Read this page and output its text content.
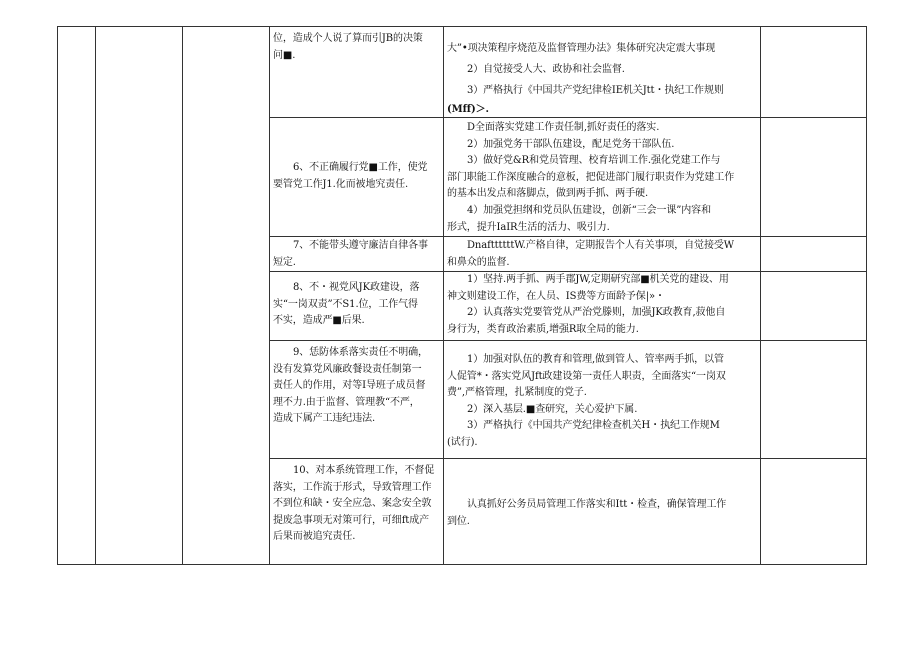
位，造成个人说了算而引JB的决策

问■.

大”•项决策程序烧范及监督管理办法》集体研究决定震大事现

2）自觉接受人大、政协和社会监督.

3）严格执行《中国共产党纪律检IE机关Jtt・执纪工作规则

(Mff)＞.

6、不正确履行党■工作，使党

要管党工作J1.化而被地究责任.

D全面落实党建工作责任制,抓好责任的落实.

2）加强党务干部队伍建设，配足党务干部队伍.

3）做好党&R和党员管理、校育培训工作.强化党建工作与

部门职能工作深度融合的意板，把促进部门履行职责作为党建工作

的基本出发点和落脚点，做到两手抓、两手硬.

4）加强党担纲和党员队伍建设，创新“三会一课”内容和

形式，提升IaIR生活的活力、吸引力.

7、不能带头遵守廉洁自律各事

短定.

DnafttttttW.产格自律，定期报告个人有关事项，自觉接受W

和鼻众的监督.

8、不・视党风JK政建设，落

实“一岗双责”不S1.位，工作气得

不实，造成严■后果.

1）坚持.两手抓、两手郡JW,定期研究部■机关党的建设、用

神文则建设工作，在人员、IS费等方面龄予保|»・

2）认真落实党要管党从严治党滕则，加强JK政教育,菽他自

身行为，类育政治素质,增强R取全局的能力.

9、恁防体系落实责任不明确，

没有发算党风廉政餐设责任制第一

责任人的作用，对等I导班子成员督

理不力.由于监督、管理教“不严，

造成下属产工违纪违法.

1）加强对队伍的教育和管理,做到管人、管率两手抓，以管

人促管*・落实党风Jft政建设第一责任人职责，全面落实“一岗双

费”,严格管理，扎紧制度的党子.

2）深入基层.■查研究，关心爱护下属.

3）严格执行《中国共产党纪律检查机关H・执纪工作规M

(试行).

10、对本系统管理工作，不督促

落实，工作流于形式，导致管理工作

不到位和缺・安全应急、案念安全敦

提废急事项无对策可行，可细ft成产

后果而被追究责任.

认真抓好公务员局管理工作落实和Itt・检查，确保管理工作

到位.
